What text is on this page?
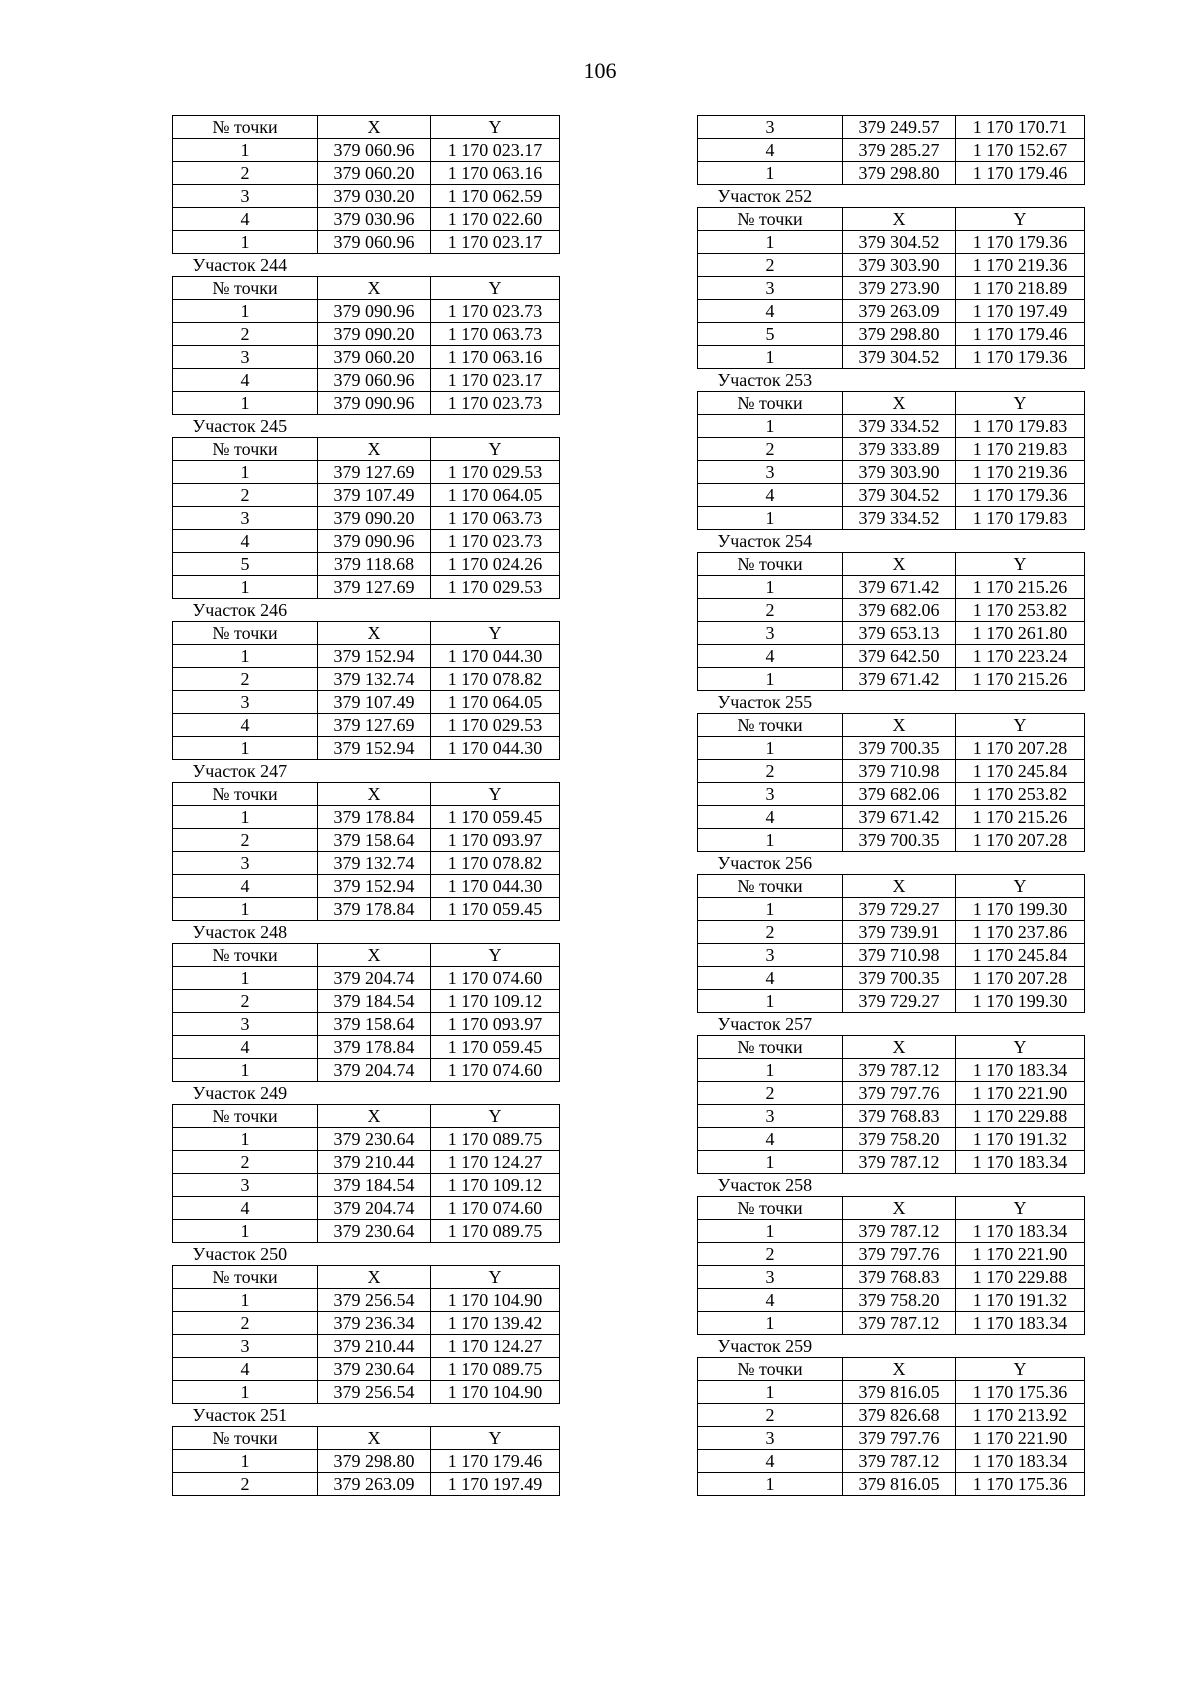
106
№ точки	X	Y
1	379 060.96	1 170 023.17
2	379 060.20	1 170 063.16
3	379 030.20	1 170 062.59
4	379 030.96	1 170 022.60
1	379 060.96	1 170 023.17
Участок 244		
№ точки	X	Y
1	379 090.96	1 170 023.73
2	379 090.20	1 170 063.73
3	379 060.20	1 170 063.16
4	379 060.96	1 170 023.17
1	379 090.96	1 170 023.73
Участок 245		
№ точки	X	Y
1	379 127.69	1 170 029.53
2	379 107.49	1 170 064.05
3	379 090.20	1 170 063.73
4	379 090.96	1 170 023.73
5	379 118.68	1 170 024.26
1	379 127.69	1 170 029.53
Участок 246		
№ точки	X	Y
1	379 152.94	1 170 044.30
2	379 132.74	1 170 078.82
3	379 107.49	1 170 064.05
4	379 127.69	1 170 029.53
1	379 152.94	1 170 044.30
Участок 247		
№ точки	X	Y
1	379 178.84	1 170 059.45
2	379 158.64	1 170 093.97
3	379 132.74	1 170 078.82
4	379 152.94	1 170 044.30
1	379 178.84	1 170 059.45
Участок 248		
№ точки	X	Y
1	379 204.74	1 170 074.60
2	379 184.54	1 170 109.12
3	379 158.64	1 170 093.97
4	379 178.84	1 170 059.45
1	379 204.74	1 170 074.60
Участок 249		
№ точки	X	Y
1	379 230.64	1 170 089.75
2	379 210.44	1 170 124.27
3	379 184.54	1 170 109.12
4	379 204.74	1 170 074.60
1	379 230.64	1 170 089.75
Участок 250		
№ точки	X	Y
1	379 256.54	1 170 104.90
2	379 236.34	1 170 139.42
3	379 210.44	1 170 124.27
4	379 230.64	1 170 089.75
1	379 256.54	1 170 104.90
Участок 251		
№ точки	X	Y
1	379 298.80	1 170 179.46
2	379 263.09	1 170 197.49
3	379 249.57	1 170 170.71
4	379 285.27	1 170 152.67
1	379 298.80	1 170 179.46
Участок 252		
№ точки	X	Y
1	379 304.52	1 170 179.36
2	379 303.90	1 170 219.36
3	379 273.90	1 170 218.89
4	379 263.09	1 170 197.49
5	379 298.80	1 170 179.46
1	379 304.52	1 170 179.36
Участок 253		
№ точки	X	Y
1	379 334.52	1 170 179.83
2	379 333.89	1 170 219.83
3	379 303.90	1 170 219.36
4	379 304.52	1 170 179.36
1	379 334.52	1 170 179.83
Участок 254		
№ точки	X	Y
1	379 671.42	1 170 215.26
2	379 682.06	1 170 253.82
3	379 653.13	1 170 261.80
4	379 642.50	1 170 223.24
1	379 671.42	1 170 215.26
Участок 255		
№ точки	X	Y
1	379 700.35	1 170 207.28
2	379 710.98	1 170 245.84
3	379 682.06	1 170 253.82
4	379 671.42	1 170 215.26
1	379 700.35	1 170 207.28
Участок 256		
№ точки	X	Y
1	379 729.27	1 170 199.30
2	379 739.91	1 170 237.86
3	379 710.98	1 170 245.84
4	379 700.35	1 170 207.28
1	379 729.27	1 170 199.30
Участок 257		
№ точки	X	Y
1	379 787.12	1 170 183.34
2	379 797.76	1 170 221.90
3	379 768.83	1 170 229.88
4	379 758.20	1 170 191.32
1	379 787.12	1 170 183.34
Участок 258		
№ точки	X	Y
1	379 787.12	1 170 183.34
2	379 797.76	1 170 221.90
3	379 768.83	1 170 229.88
4	379 758.20	1 170 191.32
1	379 787.12	1 170 183.34
Участок 259		
№ точки	X	Y
1	379 816.05	1 170 175.36
2	379 826.68	1 170 213.92
3	379 797.76	1 170 221.90
4	379 787.12	1 170 183.34
1	379 816.05	1 170 175.36
